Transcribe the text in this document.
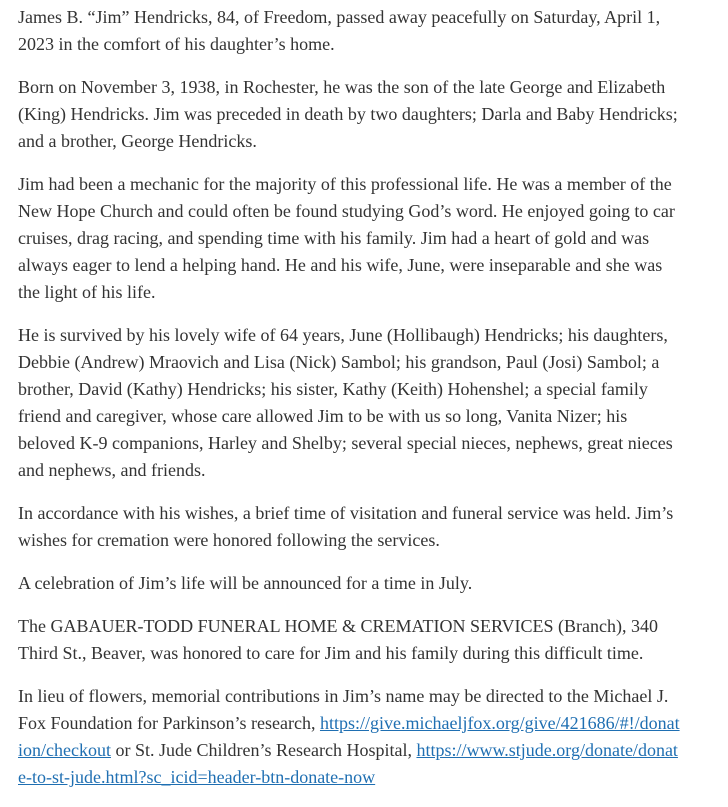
James B. “Jim” Hendricks, 84, of Freedom, passed away peacefully on Saturday, April 1, 2023 in the comfort of his daughter’s home.

Born on November 3, 1938, in Rochester, he was the son of the late George and Elizabeth (King) Hendricks. Jim was preceded in death by two daughters; Darla and Baby Hendricks; and a brother, George Hendricks.

Jim had been a mechanic for the majority of this professional life. He was a member of the New Hope Church and could often be found studying God’s word. He enjoyed going to car cruises, drag racing, and spending time with his family. Jim had a heart of gold and was always eager to lend a helping hand. He and his wife, June, were inseparable and she was the light of his life.

He is survived by his lovely wife of 64 years, June (Hollibaugh) Hendricks; his daughters, Debbie (Andrew) Mraovich and Lisa (Nick) Sambol; his grandson, Paul (Josi) Sambol; a brother, David (Kathy) Hendricks; his sister, Kathy (Keith) Hohenshel; a special family friend and caregiver, whose care allowed Jim to be with us so long, Vanita Nizer; his beloved K-9 companions, Harley and Shelby; several special nieces, nephews, great nieces and nephews, and friends.

In accordance with his wishes, a brief time of visitation and funeral service was held. Jim’s wishes for cremation were honored following the services.

A celebration of Jim’s life will be announced for a time in July.

The GABAUER-TODD FUNERAL HOME & CREMATION SERVICES (Branch), 340 Third St., Beaver, was honored to care for Jim and his family during this difficult time.

In lieu of flowers, memorial contributions in Jim’s name may be directed to the Michael J. Fox Foundation for Parkinson’s research, https://give.michaeljfox.org/give/421686/#!/donation/checkout or St. Jude Children’s Research Hospital, https://www.stjude.org/donate/donate-to-st-jude.html?sc_icid=header-btn-donate-now
